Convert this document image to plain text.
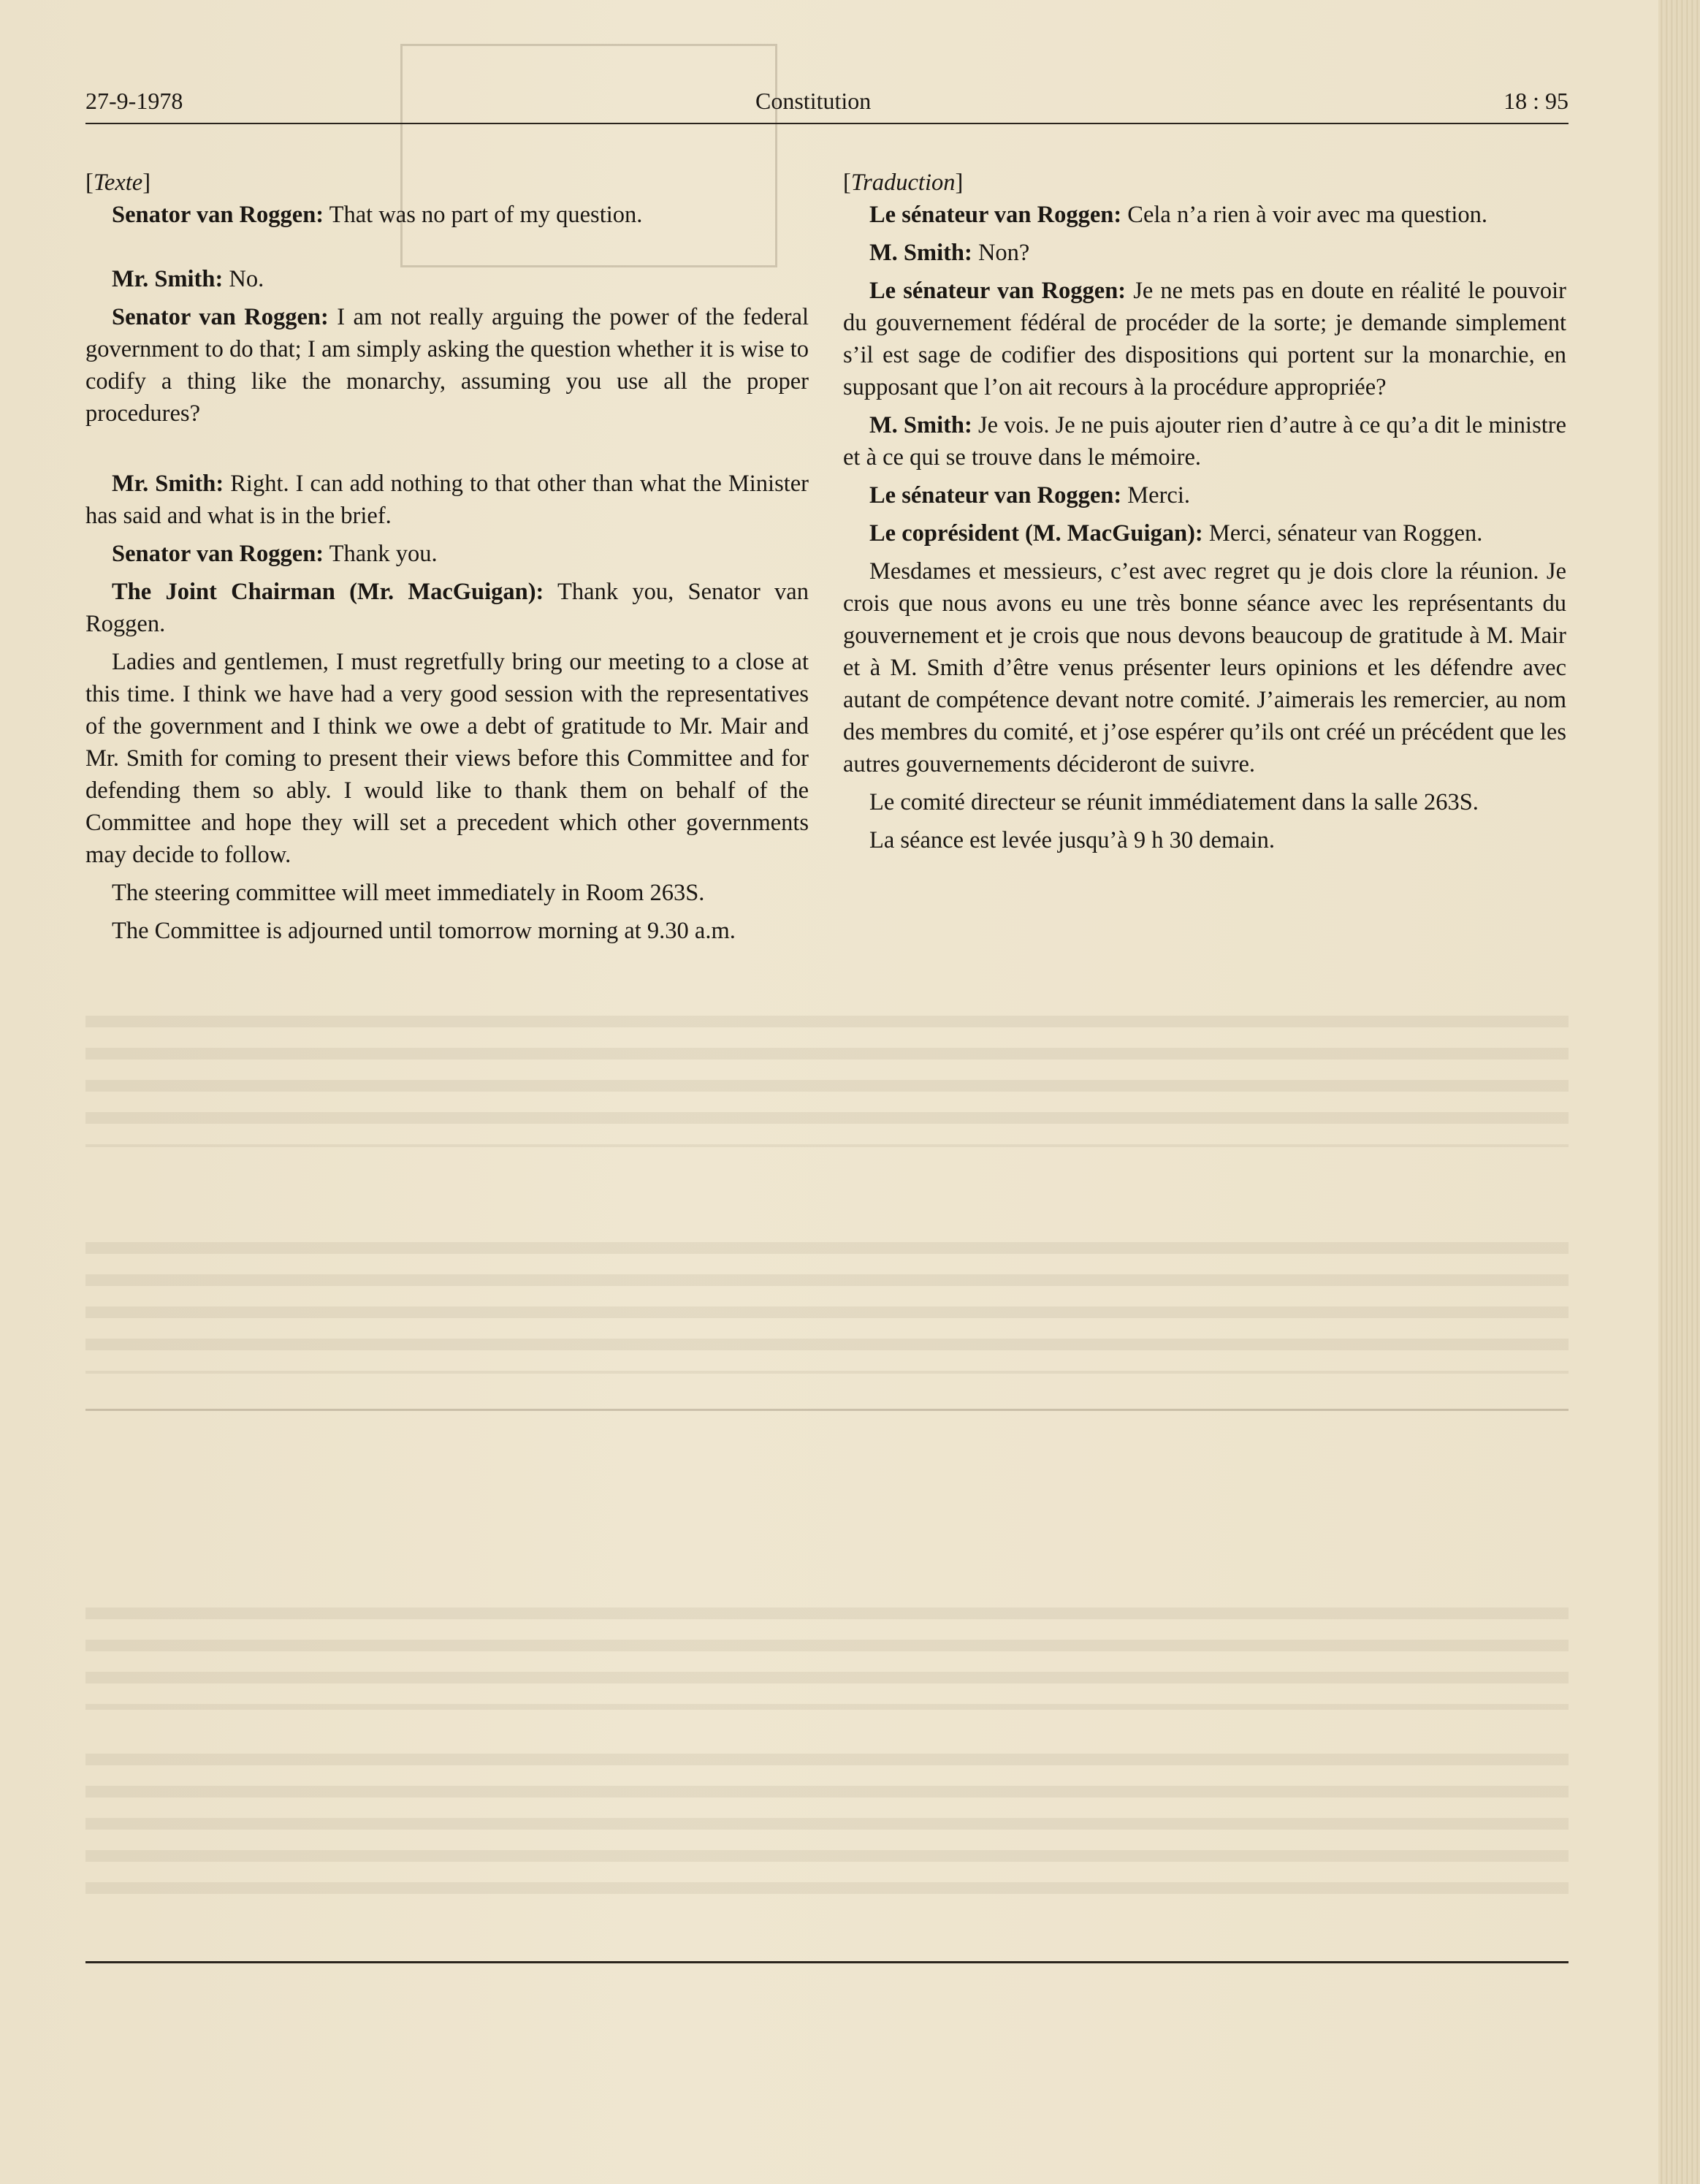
27-9-1978	Constitution	18 : 95
[Texte]

Senator van Roggen: That was no part of my question.

Mr. Smith: No.

Senator van Roggen: I am not really arguing the power of the federal government to do that; I am simply asking the question whether it is wise to codify a thing like the monarchy, assuming you use all the proper procedures?

Mr. Smith: Right. I can add nothing to that other than what the Minister has said and what is in the brief.

Senator van Roggen: Thank you.

The Joint Chairman (Mr. MacGuigan): Thank you, Senator van Roggen.

Ladies and gentlemen, I must regretfully bring our meeting to a close at this time. I think we have had a very good session with the representatives of the government and I think we owe a debt of gratitude to Mr. Mair and Mr. Smith for coming to present their views before this Committee and for defending them so ably. I would like to thank them on behalf of the Committee and hope they will set a precedent which other governments may decide to follow.

The steering committee will meet immediately in Room 263S.

The Committee is adjourned until tomorrow morning at 9.30 a.m.

[Traduction]

Le sénateur van Roggen: Cela n’a rien à voir avec ma question.

M. Smith: Non?

Le sénateur van Roggen: Je ne mets pas en doute en réalité le pouvoir du gouvernement fédéral de procéder de la sorte; je demande simplement s’il est sage de codifier des dispositions qui portent sur la monarchie, en supposant que l’on ait recours à la procédure appropriée?

M. Smith: Je vois. Je ne puis ajouter rien d’autre à ce qu’a dit le ministre et à ce qui se trouve dans le mémoire.

Le sénateur van Roggen: Merci.

Le coprésident (M. MacGuigan): Merci, sénateur van Roggen.

Mesdames et messieurs, c’est avec regret qu je dois clore la réunion. Je crois que nous avons eu une très bonne séance avec les représentants du gouvernement et je crois que nous devons beaucoup de gratitude à M. Mair et à M. Smith d’être venus présenter leurs opinions et les défendre avec autant de compétence devant notre comité. J’aimerais les remercier, au nom des membres du comité, et j’ose espérer qu’ils ont créé un précédent que les autres gouvernements décideront de suivre.

Le comité directeur se réunit immédiatement dans la salle 263S.

La séance est levée jusqu’à 9 h 30 demain.
